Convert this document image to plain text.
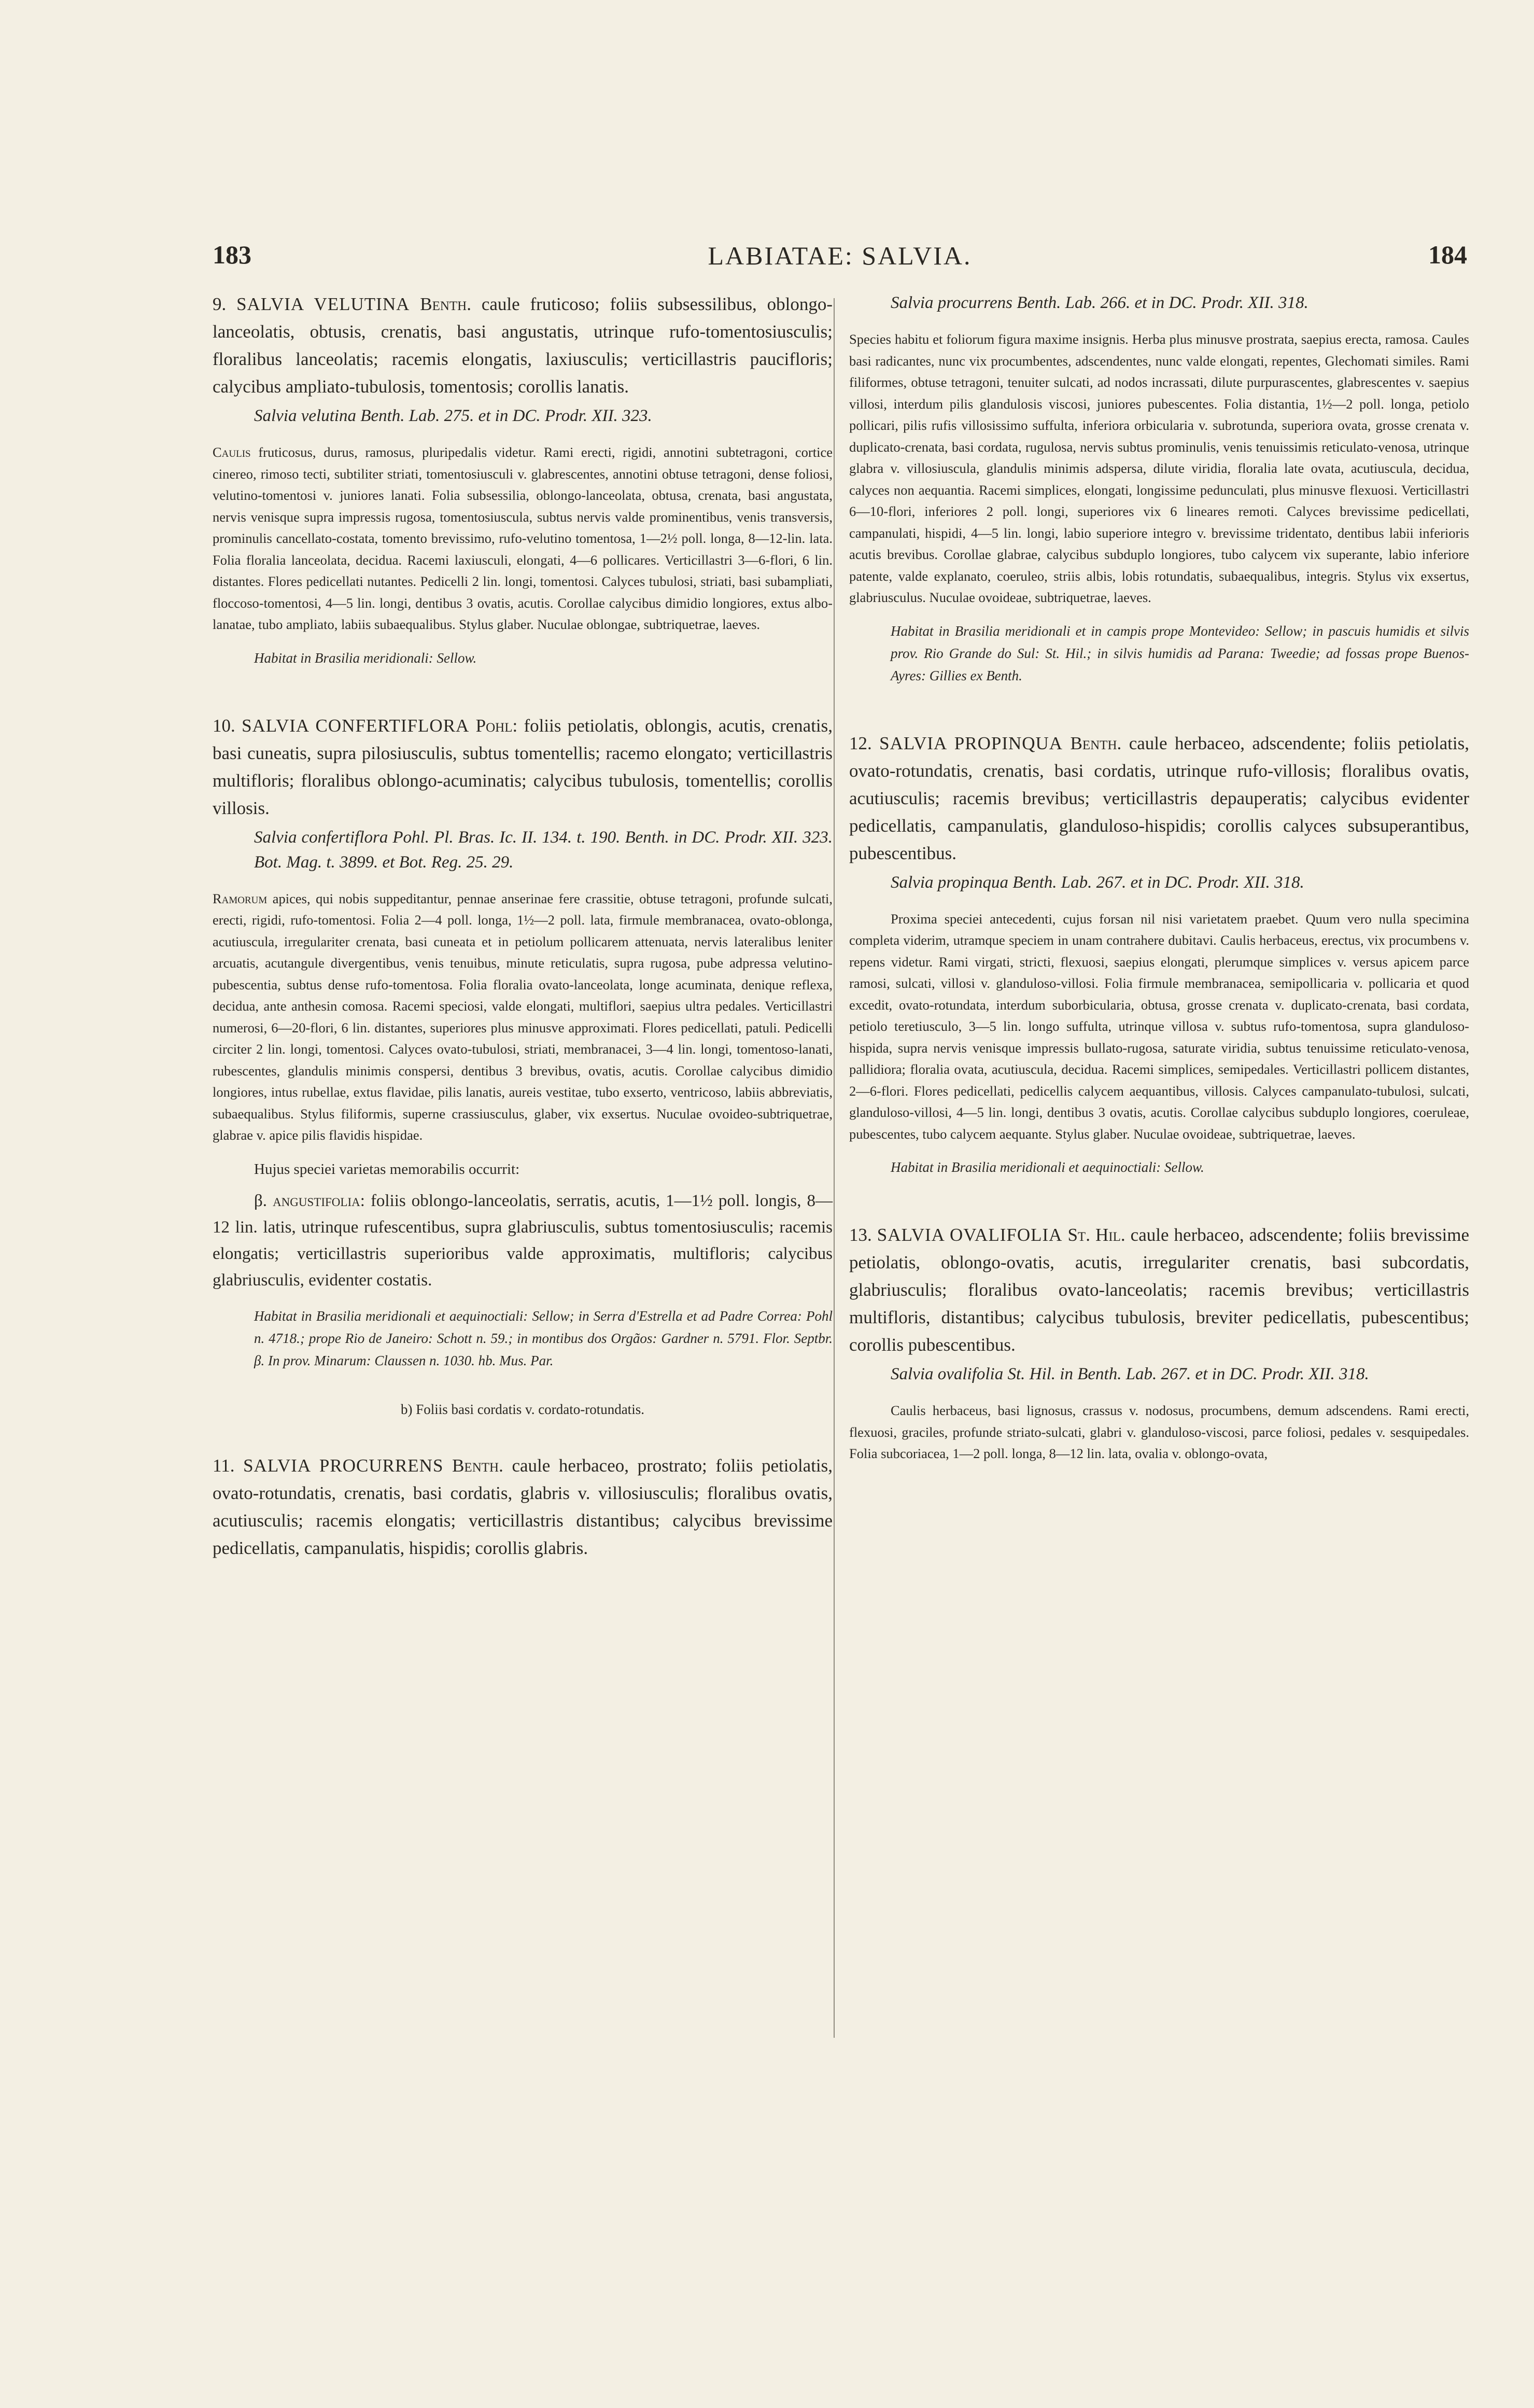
183	LABIATAE: SALVIA.	184

9. SALVIA VELUTINA Benth. caule fruticoso; foliis subsessilibus, oblongo-lanceolatis, obtusis, crenatis, basi angustatis, utrinque rufo-tomentosiusculis; floralibus lanceolatis; racemis elongatis, laxiusculis; verticillastris paucifloris; calycibus ampliato-tubulosis, tomentosis; corollis lanatis.

Salvia velutina Benth. Lab. 275. et in DC. Prodr. XII. 323.

Caulis fruticosus, durus, ramosus, pluripedalis videtur. Rami erecti, rigidi, annotini subtetragoni, cortice cinereo, rimoso tecti, subtiliter striati, tomentosiusculi v. glabrescentes, annotini obtuse tetragoni, dense foliosi, velutino-tomentosi v. juniores lanati. Folia subsessilia, oblongo-lanceolata, obtusa, crenata, basi angustata, nervis venisque supra impressis rugosa, tomentosiuscula, subtus nervis valde prominentibus, venis transversis, prominulis cancellato-costata, tomento brevissimo, rufo-velutino tomentosa, 1—2½ poll. longa, 8—12-lin. lata. Folia floralia lanceolata, decidua. Racemi laxiusculi, elongati, 4—6 pollicares. Verticillastri 3—6-flori, 6 lin. distantes. Flores pedicellati nutantes. Pedicelli 2 lin. longi, tomentosi. Calyces tubulosi, striati, basi subampliati, floccoso-tomentosi, 4—5 lin. longi, dentibus 3 ovatis, acutis. Corollae calycibus dimidio longiores, extus albo-lanatae, tubo ampliato, labiis subaequalibus. Stylus glaber. Nuculae oblongae, subtriquetrae, laeves.

Habitat in Brasilia meridionali: Sellow.

10. SALVIA CONFERTIFLORA Pohl: foliis petiolatis, oblongis, acutis, crenatis, basi cuneatis, supra pilosiusculis, subtus tomentellis; racemo elongato; verticillastris multifloris; floralibus oblongo-acuminatis; calycibus tubulosis, tomentellis; corollis villosis.

Salvia confertiflora Pohl. Pl. Bras. Ic. II. 134. t. 190. Benth. in DC. Prodr. XII. 323. Bot. Mag. t. 3899. et Bot. Reg. 25. 29.

Ramorum apices, qui nobis suppeditantur, pennae anserinae fere crassitie, obtuse tetragoni, profunde sulcati, erecti, rigidi, rufo-tomentosi. Folia 2—4 poll. longa, 1½—2 poll. lata, firmule membranacea, ovato-oblonga, acutiuscula, irregulariter crenata, basi cuneata et in petiolum pollicarem attenuata, nervis lateralibus leniter arcuatis, acutangule divergentibus, venis tenuibus, minute reticulatis, supra rugosa, pube adpressa velutino-pubescentia, subtus dense rufo-tomentosa. Folia floralia ovato-lanceolata, longe acuminata, denique reflexa, decidua, ante anthesin comosa. Racemi speciosi, valde elongati, multiflori, saepius ultra pedales. Verticillastri numerosi, 6—20-flori, 6 lin. distantes, superiores plus minusve approximati. Flores pedicellati, patuli. Pedicelli circiter 2 lin. longi, tomentosi. Calyces ovato-tubulosi, striati, membranacei, 3—4 lin. longi, tomentoso-lanati, rubescentes, glandulis minimis conspersi, dentibus 3 brevibus, ovatis, acutis. Corollae calycibus dimidio longiores, intus rubellae, extus flavidae, pilis lanatis, aureis vestitae, tubo exserto, ventricoso, labiis abbreviatis, subaequalibus. Stylus filiformis, superne crassiusculus, glaber, vix exsertus. Nuculae ovoideo-subtriquetrae, glabrae v. apice pilis flavidis hispidae.

Hujus speciei varietas memorabilis occurrit:

β. angustifolia: foliis oblongo-lanceolatis, serratis, acutis, 1—1½ poll. longis, 8—12 lin. latis, utrinque rufescentibus, supra glabriusculis, subtus tomentosiusculis; racemis elongatis; verticillastris superioribus valde approximatis, multifloris; calycibus glabriusculis, evidenter costatis.

Habitat in Brasilia meridionali et aequinoctiali: Sellow; in Serra d'Estrella et ad Padre Correa: Pohl n. 4718.; prope Rio de Janeiro: Schott n. 59.; in montibus dos Orgãos: Gardner n. 5791. Flor. Septbr. β. In prov. Minarum: Claussen n. 1030. hb. Mus. Par.

b) Foliis basi cordatis v. cordato-rotundatis.

11. SALVIA PROCURRENS Benth. caule herbaceo, prostrato; foliis petiolatis, ovato-rotundatis, crenatis, basi cordatis, glabris v. villosiusculis; floralibus ovatis, acutiusculis; racemis elongatis; verticillastris distantibus; calycibus brevissime pedicellatis, campanulatis, hispidis; corollis glabris.

Salvia procurrens Benth. Lab. 266. et in DC. Prodr. XII. 318.

Species habitu et foliorum figura maxime insignis. Herba plus minusve prostrata, saepius erecta, ramosa. Caules basi radicantes, nunc vix procumbentes, adscendentes, nunc valde elongati, repentes, Glechomati similes. Rami filiformes, obtuse tetragoni, tenuiter sulcati, ad nodos incrassati, dilute purpurascentes, glabrescentes v. saepius villosi, interdum pilis glandulosis viscosi, juniores pubescentes. Folia distantia, 1½—2 poll. longa, petiolo pollicari, pilis rufis villosissimo suffulta, inferiora orbicularia v. subrotunda, superiora ovata, grosse crenata v. duplicato-crenata, basi cordata, rugulosa, nervis subtus prominulis, venis tenuissimis reticulato-venosa, utrinque glabra v. villosiuscula, glandulis minimis adspersa, dilute viridia, floralia late ovata, acutiuscula, decidua, calyces non aequantia. Racemi simplices, elongati, longissime pedunculati, plus minusve flexuosi. Verticillastri 6—10-flori, inferiores 2 poll. longi, superiores vix 6 lineares remoti. Calyces brevissime pedicellati, campanulati, hispidi, 4—5 lin. longi, labio superiore integro v. brevissime tridentato, dentibus labii inferioris acutis brevibus. Corollae glabrae, calycibus subduplo longiores, tubo calycem vix superante, labio inferiore patente, valde explanato, coeruleo, striis albis, lobis rotundatis, subaequalibus, integris. Stylus vix exsertus, glabriusculus. Nuculae ovoideae, subtriquetrae, laeves.

Habitat in Brasilia meridionali et in campis prope Montevideo: Sellow; in pascuis humidis et silvis prov. Rio Grande do Sul: St. Hil.; in silvis humidis ad Parana: Tweedie; ad fossas prope Buenos-Ayres: Gillies ex Benth.

12. SALVIA PROPINQUA Benth. caule herbaceo, adscendente; foliis petiolatis, ovato-rotundatis, crenatis, basi cordatis, utrinque rufo-villosis; floralibus ovatis, acutiusculis; racemis brevibus; verticillastris depauperatis; calycibus evidenter pedicellatis, campanulatis, glanduloso-hispidis; corollis calyces subsuperantibus, pubescentibus.

Salvia propinqua Benth. Lab. 267. et in DC. Prodr. XII. 318.

Proxima speciei antecedenti, cujus forsan nil nisi varietatem praebet. Quum vero nulla specimina completa viderim, utramque speciem in unam contrahere dubitavi. Caulis herbaceus, erectus, vix procumbens v. repens videtur. Rami virgati, stricti, flexuosi, saepius elongati, plerumque simplices v. versus apicem parce ramosi, sulcati, villosi v. glanduloso-villosi. Folia firmule membranacea, semipollicaria v. pollicaria et quod excedit, ovato-rotundata, interdum suborbicularia, obtusa, grosse crenata v. duplicato-crenata, basi cordata, petiolo teretiusculo, 3—5 lin. longo suffulta, utrinque villosa v. subtus rufo-tomentosa, supra glanduloso-hispida, supra nervis venisque impressis bullato-rugosa, saturate viridia, subtus tenuissime reticulato-venosa, pallidiora; floralia ovata, acutiuscula, decidua. Racemi simplices, semipedales. Verticillastri pollicem distantes, 2—6-flori. Flores pedicellati, pedicellis calycem aequantibus, villosis. Calyces campanulato-tubulosi, sulcati, glanduloso-villosi, 4—5 lin. longi, dentibus 3 ovatis, acutis. Corollae calycibus subduplo longiores, coeruleae, pubescentes, tubo calycem aequante. Stylus glaber. Nuculae ovoideae, subtriquetrae, laeves.

Habitat in Brasilia meridionali et aequinoctiali: Sellow.

13. SALVIA OVALIFOLIA St. Hil. caule herbaceo, adscendente; foliis brevissime petiolatis, oblongo-ovatis, acutis, irregulariter crenatis, basi subcordatis, glabriusculis; floralibus ovato-lanceolatis; racemis brevibus; verticillastris multifloris, distantibus; calycibus tubulosis, breviter pedicellatis, pubescentibus; corollis pubescentibus.

Salvia ovalifolia St. Hil. in Benth. Lab. 267. et in DC. Prodr. XII. 318.

Caulis herbaceus, basi lignosus, crassus v. nodosus, procumbens, demum adscendens. Rami erecti, flexuosi, graciles, profunde striato-sulcati, glabri v. glanduloso-viscosi, parce foliosi, pedales v. sesquipedales. Folia subcoriacea, 1—2 poll. longa, 8—12 lin. lata, ovalia v. oblongo-ovata,
